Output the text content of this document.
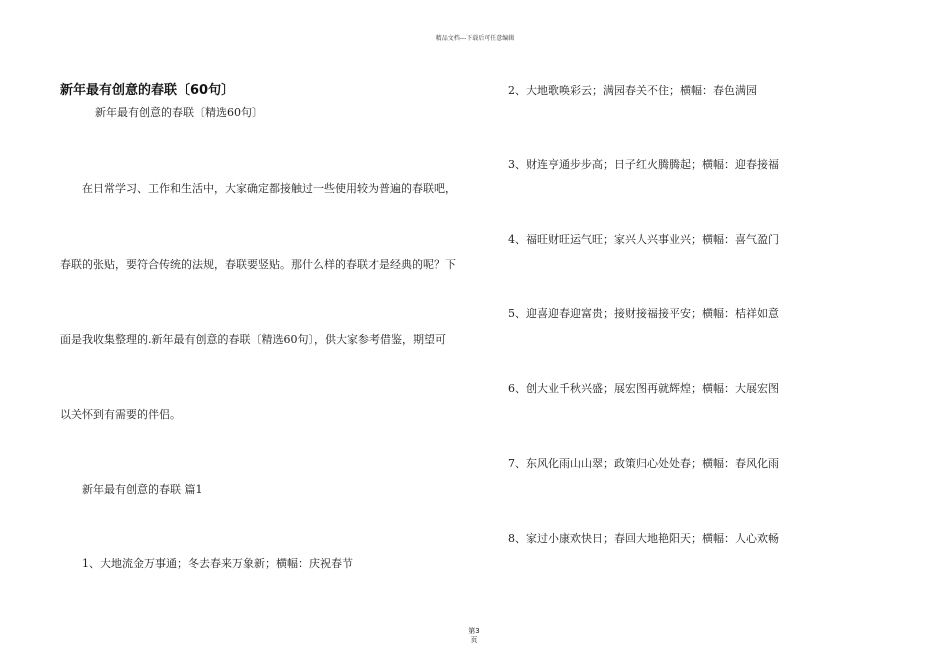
精品文档---下载后可任意编辑
新年最有创意的春联〔60句〕
新年最有创意的春联〔精选60句〕
在日常学习、工作和生活中，大家确定都接触过一些使用较为普遍的春联吧，
春联的张贴，要符合传统的法规，春联要竖贴。那什么样的春联才是经典的呢？下
面是我收集整理的.新年最有创意的春联〔精选60句〕，供大家参考借鉴，期望可
以关怀到有需要的伴侣。
新年最有创意的春联 篇1
1、大地流金万事通；冬去春来万象新；横幅：庆祝春节
2、大地歌唤彩云；满园春关不住；横幅：春色满园
3、财连亨通步步高；日子红火腾腾起；横幅：迎春接福
4、福旺财旺运气旺；家兴人兴事业兴；横幅：喜气盈门
5、迎喜迎春迎富贵；接财接福接平安；横幅：桔祥如意
6、创大业千秋兴盛；展宏图再就辉煌；横幅：大展宏图
7、东风化雨山山翠；政策归心处处春；横幅：春风化雨
8、家过小康欢快日；春回大地艳阳天；横幅：人心欢畅
第3
页
